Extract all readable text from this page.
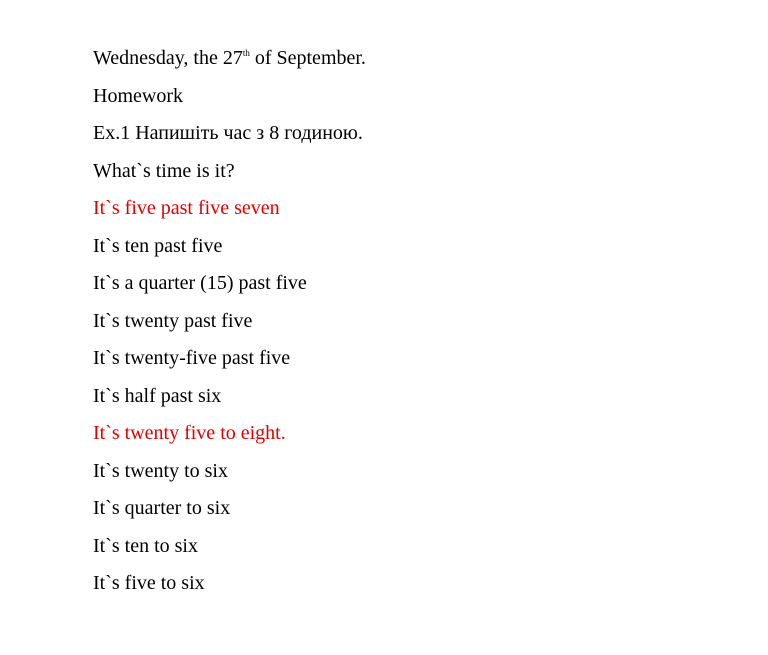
Wednesday, the 27th of September.
Homework
Ex.1 Напишіть час з 8 годиною.
What`s time is it?
It`s five past five seven
It`s ten past five
It`s a quarter (15) past five
It`s twenty past five
It`s twenty-five past five
It`s half past six
It`s twenty five to eight.
It`s twenty to six
It`s quarter to six
It`s ten to six
It`s five to six
